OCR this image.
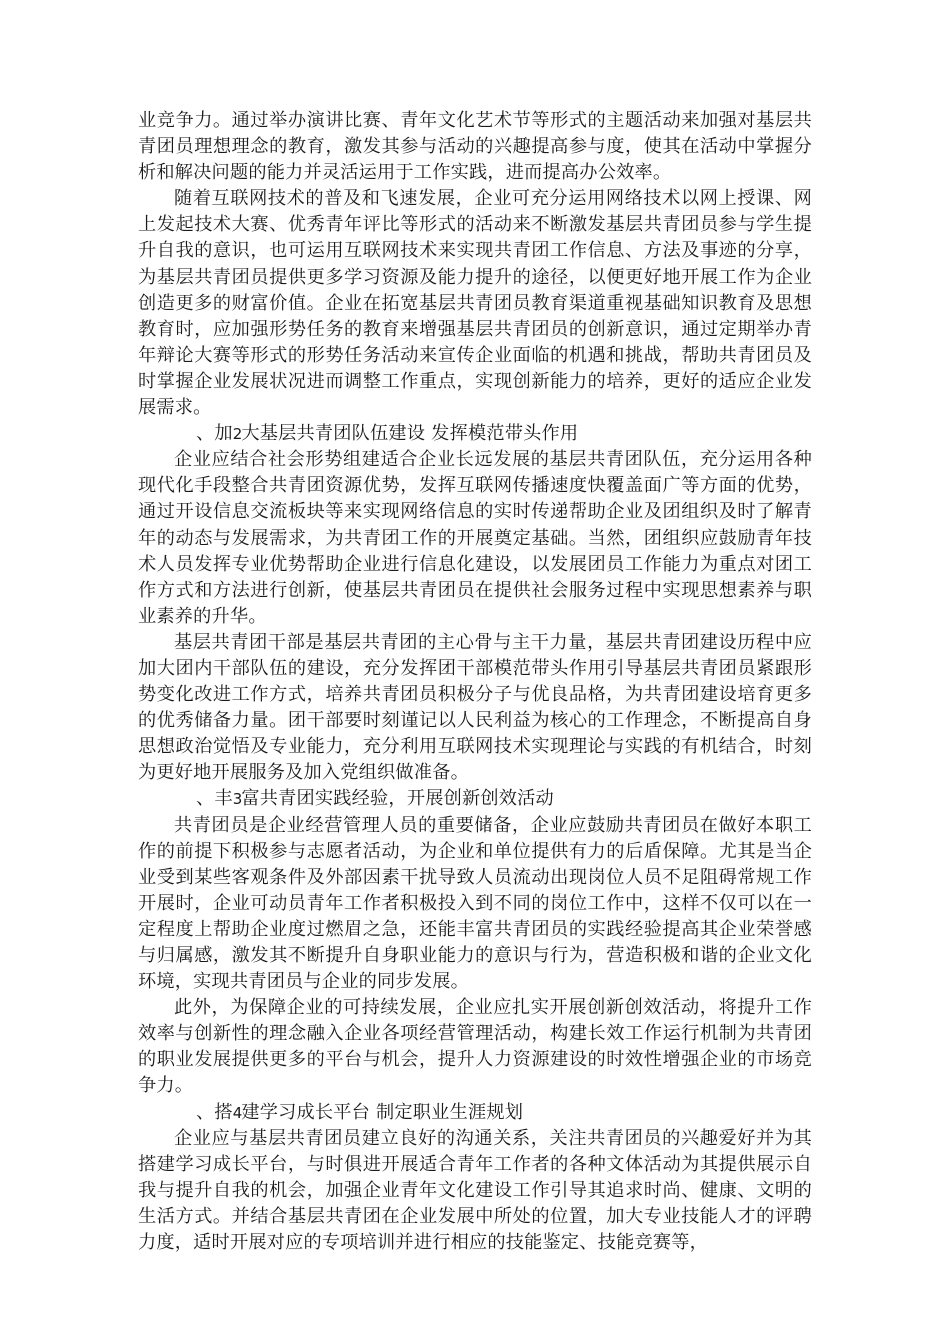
业竞争力。通过举办演讲比赛、青年文化艺术节等形式的主题活动来加强对基层共青团员理想理念的教育，激发其参与活动的兴趣提高参与度，使其在活动中掌握分析和解决问题的能力并灵活运用于工作实践，进而提高办公效率。

随着互联网技术的普及和飞速发展，企业可充分运用网络技术以网上授课、网上发起技术大赛、优秀青年评比等形式的活动来不断激发基层共青团员参与学生提升自我的意识，也可运用互联网技术来实现共青团工作信息、方法及事迹的分享，为基层共青团员提供更多学习资源及能力提升的途径，以便更好地开展工作为企业创造更多的财富价值。企业在拓宽基层共青团员教育渠道重视基础知识教育及思想教育时，应加强形势任务的教育来增强基层共青团员的创新意识，通过定期举办青年辩论大赛等形式的形势任务活动来宣传企业面临的机遇和挑战，帮助共青团员及时掌握企业发展状况进而调整工作重点，实现创新能力的培养，更好的适应企业发展需求。

、加2大基层共青团队伍建设 发挥模范带头作用

企业应结合社会形势组建适合企业长远发展的基层共青团队伍，充分运用各种现代化手段整合共青团资源优势，发挥互联网传播速度快覆盖面广等方面的优势，通过开设信息交流板块等来实现网络信息的实时传递帮助企业及团组织及时了解青年的动态与发展需求，为共青团工作的开展奠定基础。当然，团组织应鼓励青年技术人员发挥专业优势帮助企业进行信息化建设，以发展团员工作能力为重点对团工作方式和方法进行创新，使基层共青团员在提供社会服务过程中实现思想素养与职业素养的升华。

基层共青团干部是基层共青团的主心骨与主干力量，基层共青团建设历程中应加大团内干部队伍的建设，充分发挥团干部模范带头作用引导基层共青团员紧跟形势变化改进工作方式，培养共青团员积极分子与优良品格，为共青团建设培育更多的优秀储备力量。团干部要时刻谨记以人民利益为核心的工作理念，不断提高自身思想政治觉悟及专业能力，充分利用互联网技术实现理论与实践的有机结合，时刻为更好地开展服务及加入党组织做准备。

、丰3富共青团实践经验，开展创新创效活动

共青团员是企业经营管理人员的重要储备，企业应鼓励共青团员在做好本职工作的前提下积极参与志愿者活动，为企业和单位提供有力的后盾保障。尤其是当企业受到某些客观条件及外部因素干扰导致人员流动出现岗位人员不足阻碍常规工作开展时，企业可动员青年工作者积极投入到不同的岗位工作中，这样不仅可以在一定程度上帮助企业度过燃眉之急，还能丰富共青团员的实践经验提高其企业荣誉感与归属感，激发其不断提升自身职业能力的意识与行为，营造积极和谐的企业文化环境，实现共青团员与企业的同步发展。

此外，为保障企业的可持续发展，企业应扎实开展创新创效活动，将提升工作效率与创新性的理念融入企业各项经营管理活动，构建长效工作运行机制为共青团的职业发展提供更多的平台与机会，提升人力资源建设的时效性增强企业的市场竞争力。

、搭4建学习成长平台 制定职业生涯规划

企业应与基层共青团员建立良好的沟通关系，关注共青团员的兴趣爱好并为其搭建学习成长平台，与时俱进开展适合青年工作者的各种文体活动为其提供展示自我与提升自我的机会，加强企业青年文化建设工作引导其追求时尚、健康、文明的生活方式。并结合基层共青团在企业发展中所处的位置，加大专业技能人才的评聘力度，适时开展对应的专项培训并进行相应的技能鉴定、技能竞赛等，
